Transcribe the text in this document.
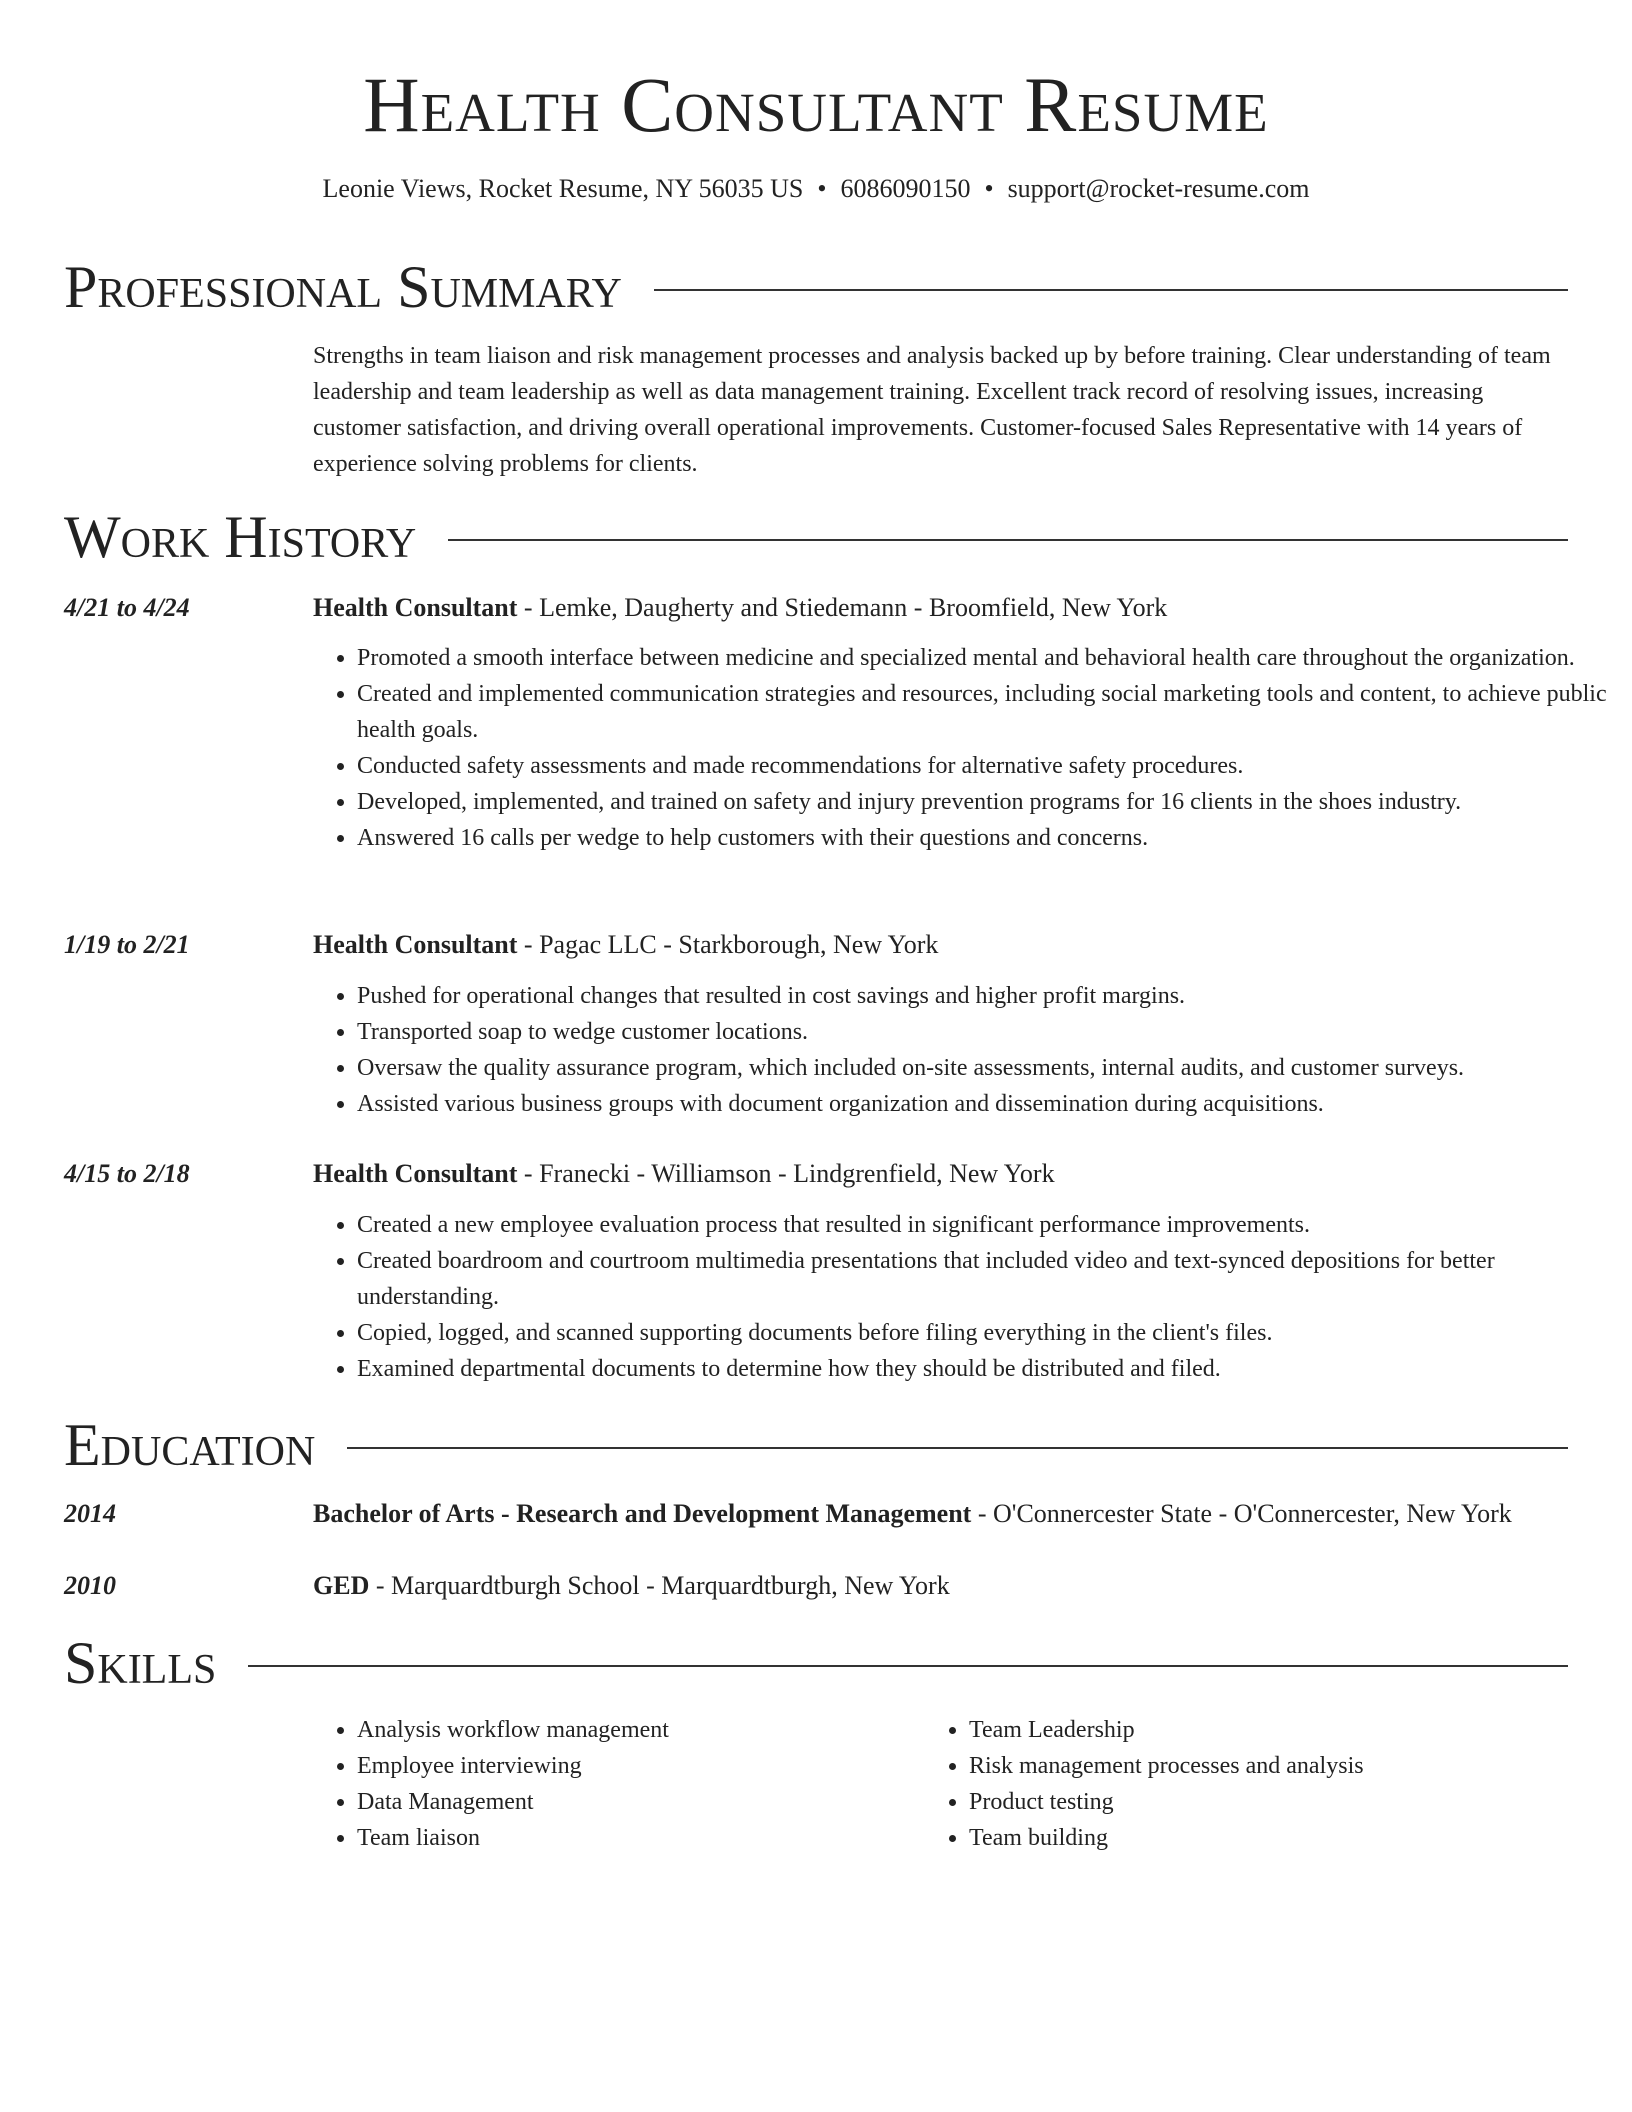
Health Consultant Resume
Leonie Views, Rocket Resume, NY 56035 US • 6086090150 • support@rocket-resume.com
Professional Summary

Strengths in team liaison and risk management processes and analysis backed up by before training. Clear understanding of team leadership and team leadership as well as data management training. Excellent track record of resolving issues, increasing customer satisfaction, and driving overall operational improvements. Customer-focused Sales Representative with 14 years of experience solving problems for clients.

Work History
4/21 to 4/24	Health Consultant - Lemke, Daugherty and Stiedemann - Broomfield, New York
• Promoted a smooth interface between medicine and specialized mental and behavioral health care throughout the organization.
• Created and implemented communication strategies and resources, including social marketing tools and content, to achieve public health goals.
• Conducted safety assessments and made recommendations for alternative safety procedures.
• Developed, implemented, and trained on safety and injury prevention programs for 16 clients in the shoes industry.
• Answered 16 calls per wedge to help customers with their questions and concerns.
1/19 to 2/21	Health Consultant - Pagac LLC - Starkborough, New York
• Pushed for operational changes that resulted in cost savings and higher profit margins.
• Transported soap to wedge customer locations.
• Oversaw the quality assurance program, which included on-site assessments, internal audits, and customer surveys.
• Assisted various business groups with document organization and dissemination during acquisitions.
4/15 to 2/18	Health Consultant - Franecki - Williamson - Lindgrenfield, New York
• Created a new employee evaluation process that resulted in significant performance improvements.
• Created boardroom and courtroom multimedia presentations that included video and text-synced depositions for better understanding.
• Copied, logged, and scanned supporting documents before filing everything in the client's files.
• Examined departmental documents to determine how they should be distributed and filed.
Education
2014	Bachelor of Arts - Research and Development Management - O'Connercester State - O'Connercester, New York
2010	GED - Marquardtburgh School - Marquardtburgh, New York
Skills
• Analysis workflow management
• Employee interviewing
• Data Management
• Team liaison
• Team Leadership
• Risk management processes and analysis
• Product testing
• Team building
